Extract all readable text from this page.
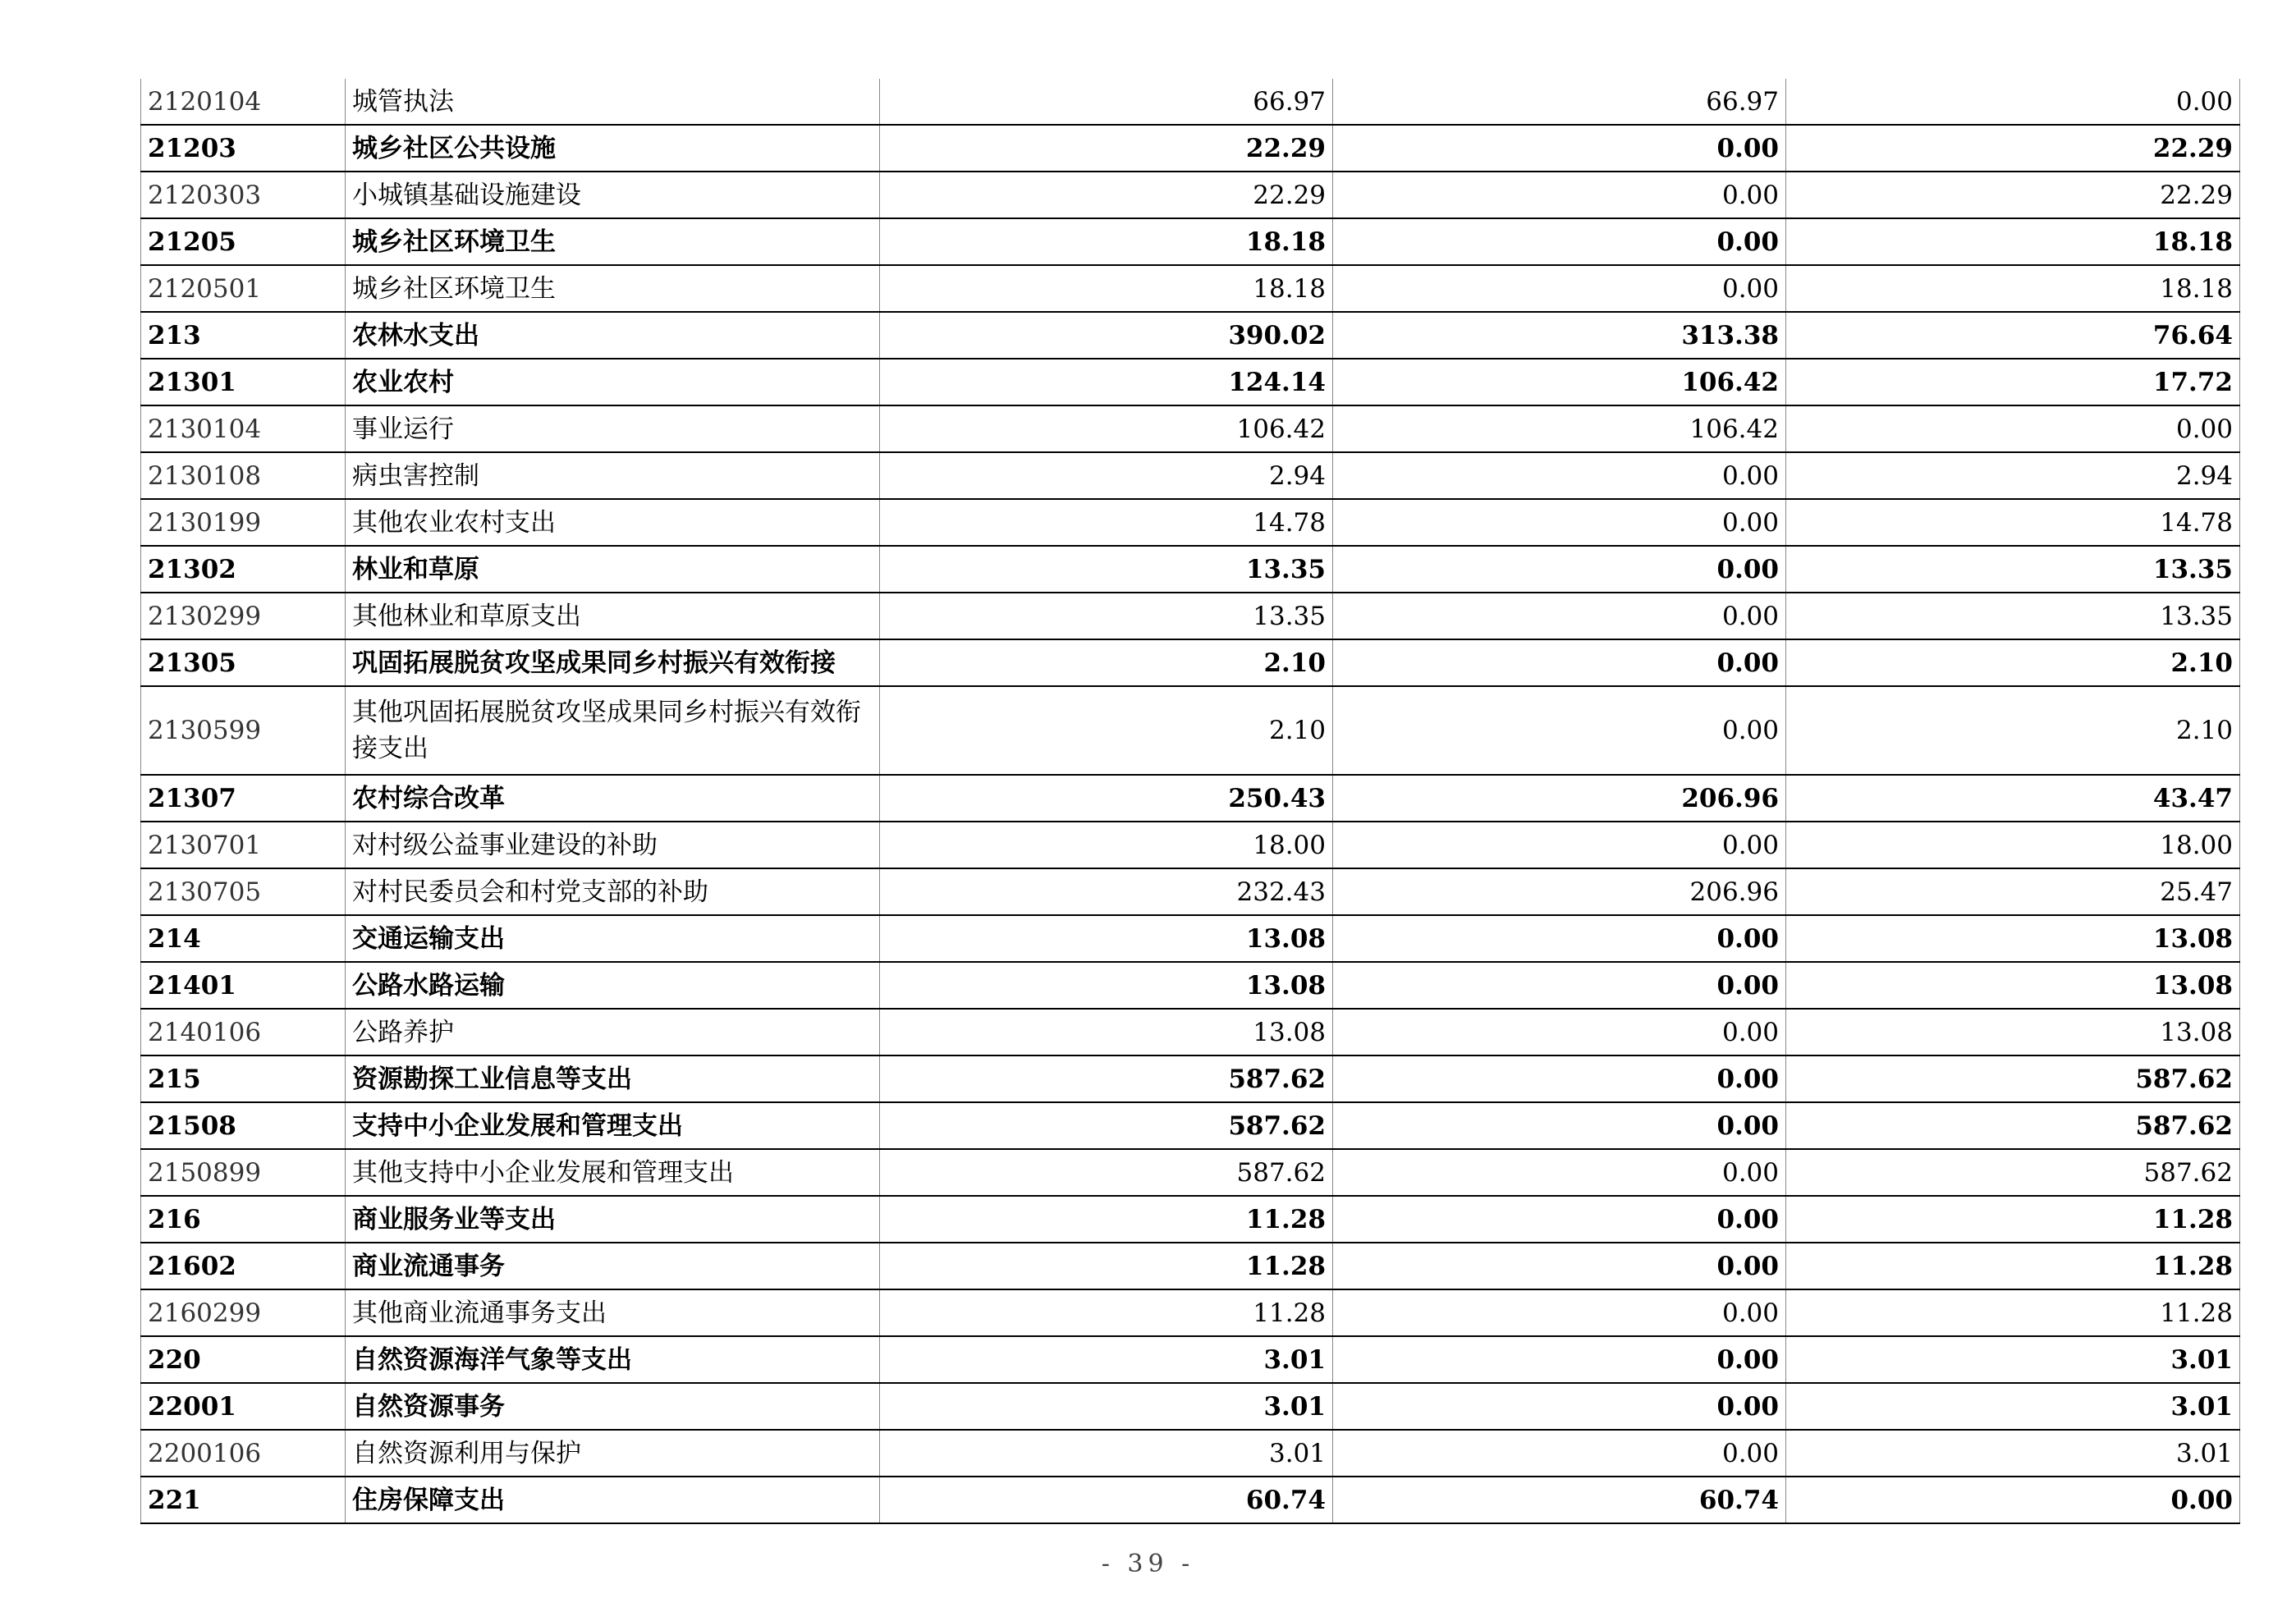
2120104	城管执法	66.97	66.97	0.00
21203	城乡社区公共设施	22.29	0.00	22.29
2120303	小城镇基础设施建设	22.29	0.00	22.29
21205	城乡社区环境卫生	18.18	0.00	18.18
2120501	城乡社区环境卫生	18.18	0.00	18.18
213	农林水支出	390.02	313.38	76.64
21301	农业农村	124.14	106.42	17.72
2130104	事业运行	106.42	106.42	0.00
2130108	病虫害控制	2.94	0.00	2.94
2130199	其他农业农村支出	14.78	0.00	14.78
21302	林业和草原	13.35	0.00	13.35
2130299	其他林业和草原支出	13.35	0.00	13.35
21305	巩固拓展脱贫攻坚成果同乡村振兴有效衔接	2.10	0.00	2.10
2130599	其他巩固拓展脱贫攻坚成果同乡村振兴有效衔接支出	2.10	0.00	2.10
21307	农村综合改革	250.43	206.96	43.47
2130701	对村级公益事业建设的补助	18.00	0.00	18.00
2130705	对村民委员会和村党支部的补助	232.43	206.96	25.47
214	交通运输支出	13.08	0.00	13.08
21401	公路水路运输	13.08	0.00	13.08
2140106	公路养护	13.08	0.00	13.08
215	资源勘探工业信息等支出	587.62	0.00	587.62
21508	支持中小企业发展和管理支出	587.62	0.00	587.62
2150899	其他支持中小企业发展和管理支出	587.62	0.00	587.62
216	商业服务业等支出	11.28	0.00	11.28
21602	商业流通事务	11.28	0.00	11.28
2160299	其他商业流通事务支出	11.28	0.00	11.28
220	自然资源海洋气象等支出	3.01	0.00	3.01
22001	自然资源事务	3.01	0.00	3.01
2200106	自然资源利用与保护	3.01	0.00	3.01
221	住房保障支出	60.74	60.74	0.00
- 39 -
